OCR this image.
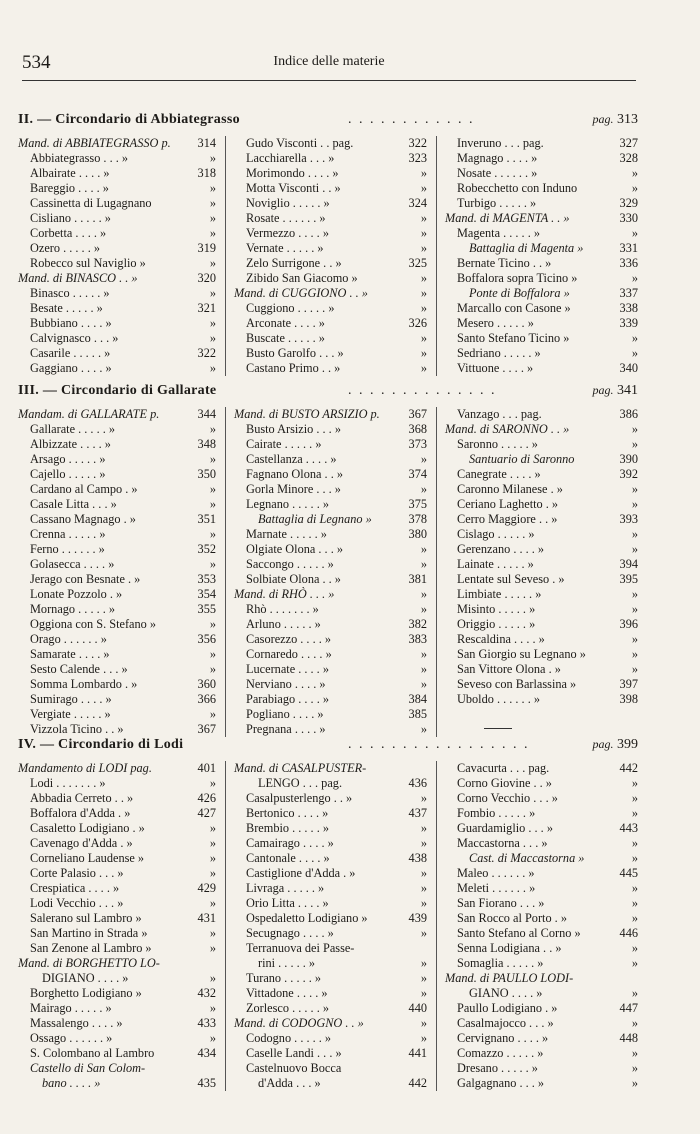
534	Indice delle materie
II. — Circondario di Abbiategrasso	. . . . . . . . . . . .	pag. 313
Mand. di ABBIATEGRASSO p. 314
Abbiategrasso . . . »	»
Albairate . . . . »	318
Bareggio . . . . »	»
Cassinetta di Lugagnano	»
Cisliano . . . . . »	»
Corbetta . . . . »	»
Ozero . . . . . »	319
Robecco sul Naviglio »	»
Mand. di BINASCO . . »	320
Binasco . . . . . »	»
Besate . . . . . »	321
Bubbiano . . . . »	»
Calvignasco . . . »	»
Casarile . . . . . »	322
Gaggiano . . . . »	»
Gudo Visconti . . pag.	322
Lacchiarella . . . »	323
Morimondo . . . . »	»
Motta Visconti . . »	»
Noviglio . . . . . »	324
Rosate . . . . . . »	»
Vermezzo . . . . »	»
Vernate . . . . . »	»
Zelo Surrigone . . »	325
Zibido San Giacomo »	»
Mand. di CUGGIONO . . »	»
Cuggiono . . . . . »	»
Arconate . . . . »	326
Buscate . . . . . »	»
Busto Garolfo . . . »	»
Castano Primo . . »	»
Inveruno . . . pag.	327
Magnago . . . . »	328
Nosate . . . . . . »	»
Robecchetto con Induno	»
Turbigo . . . . . »	329
Mand. di MAGENTA . . »	330
Magenta . . . . . »	»
Battaglia di Magenta »	331
Bernate Ticino . . »	336
Boffalora sopra Ticino »	»
Ponte di Boffalora »	337
Marcallo con Casone »	338
Mesero . . . . . »	339
Santo Stefano Ticino »	»
Sedriano . . . . . »	»
Vittuone . . . . »	340
III. — Circondario di Gallarate	. . . . . . . . . . . . . .	pag. 341
Mandam. di GALLARATE p.	344
Gallarate . . . . . »	»
Albizzate . . . . »	348
Arsago . . . . . »	»
Cajello . . . . . »	350
Cardano al Campo . »	»
Casale Litta . . . »	»
Cassano Magnago . »	351
Crenna . . . . . »	»
Ferno . . . . . . »	352
Golasecca . . . . »	»
Jerago con Besnate . »	353
Lonate Pozzolo . »	354
Mornago . . . . . »	355
Oggiona con S. Stefano »	»
Orago . . . . . . »	356
Samarate . . . . »	»
Sesto Calende . . . »	»
Somma Lombardo . »	360
Sumirago . . . . »	366
Vergiate . . . . . »	»
Vizzola Ticino . . »	367
Mand. di BUSTO ARSIZIO p. 367
Busto Arsizio . . . »	368
Cairate . . . . . »	373
Castellanza . . . . »	»
Fagnano Olona . . »	374
Gorla Minore . . . »	»
Legnano . . . . . »	375
Battaglia di Legnano »	378
Marnate . . . . . »	380
Olgiate Olona . . . »	»
Saccongo . . . . . »	»
Solbiate Olona . . »	381
Mand. di RHÒ . . . »	»
Rhò . . . . . . . »	»
Arluno . . . . . »	382
Casorezzo . . . . »	383
Cornaredo . . . . »	»
Lucernate . . . . »	»
Nerviano . . . . »	»
Parabiago . . . . »	384
Pogliano . . . . »	385
Pregnana . . . . »	»
Vanzago . . . pag.	386
Mand. di SARONNO . . »	»
Saronno . . . . . »	»
Santuario di Saronno	390
Canegrate . . . . »	392
Caronno Milanese . »	»
Ceriano Laghetto . »	»
Cerro Maggiore . . »	393
Cislago . . . . . »	»
Gerenzano . . . . »	»
Lainate . . . . . »	394
Lentate sul Seveso . »	395
Limbiate . . . . . »	»
Misinto . . . . . »	»
Origgio . . . . . »	396
Rescaldina . . . . »	»
San Giorgio su Legnano »	»
San Vittore Olona . »	»
Seveso con Barlassina »	397
Uboldo . . . . . . »	398
IV. — Circondario di Lodi	. . . . . . . . . . . . . . . . .	pag. 399
Mandamento di LODI pag.	401
Lodi . . . . . . . »	»
Abbadia Cerreto . . »	426
Boffalora d'Adda . »	427
Casaletto Lodigiano . »	»
Cavenago d'Adda . »	»
Corneliano Laudense »	»
Corte Palasio . . . »	»
Crespiatica . . . . »	429
Lodi Vecchio . . . »	»
Salerano sul Lambro »	431
San Martino in Strada »	»
San Zenone al Lambro »	»
Mand. di BORGHETTO LO-
DIGIANO . . . . »	»
Borghetto Lodigiano »	432
Mairago . . . . . »	»
Massalengo . . . . »	433
Ossago . . . . . . »	»
S. Colombano al Lambro	434
Castello di San Colom-
bano . . . . »	435
Mand. di CASALPUSTER-
LENGO . . . pag.	436
Casalpusterlengo . . »	»
Bertonico . . . . »	437
Brembio . . . . . »	»
Camairago . . . . »	»
Cantonale . . . . »	438
Castiglione d'Adda . »	»
Livraga . . . . . »	»
Orio Litta . . . . »	»
Ospedaletto Lodigiano »	439
Secugnago . . . . »	»
Terranuova dei Passe-
rini . . . . . »	»
Turano . . . . . »	»
Vittadone . . . . »	»
Zorlesco . . . . . »	440
Mand. di CODOGNO . . »	»
Codogno . . . . . »	»
Caselle Landi . . . »	441
Castelnuovo Bocca
d'Adda . . . »	442
Cavacurta . . . pag.	442
Corno Giovine . . »	»
Corno Vecchio . . . »	»
Fombio . . . . . »	»
Guardamiglio . . . »	443
Maccastorna . . . »	»
Cast. di Maccastorna »	»
Maleo . . . . . . »	445
Meleti . . . . . . »	»
San Fiorano . . . »	»
San Rocco al Porto . »	»
Santo Stefano al Corno »	446
Senna Lodigiana . . »	»
Somaglia . . . . . »	»
Mand. di PAULLO LODI-
GIANO . . . . »	»
Paullo Lodigiano . »	447
Casalmajocco . . . »	»
Cervignano . . . . »	448
Comazzo . . . . . »	»
Dresano . . . . . »	»
Galgagnano . . . »	»
